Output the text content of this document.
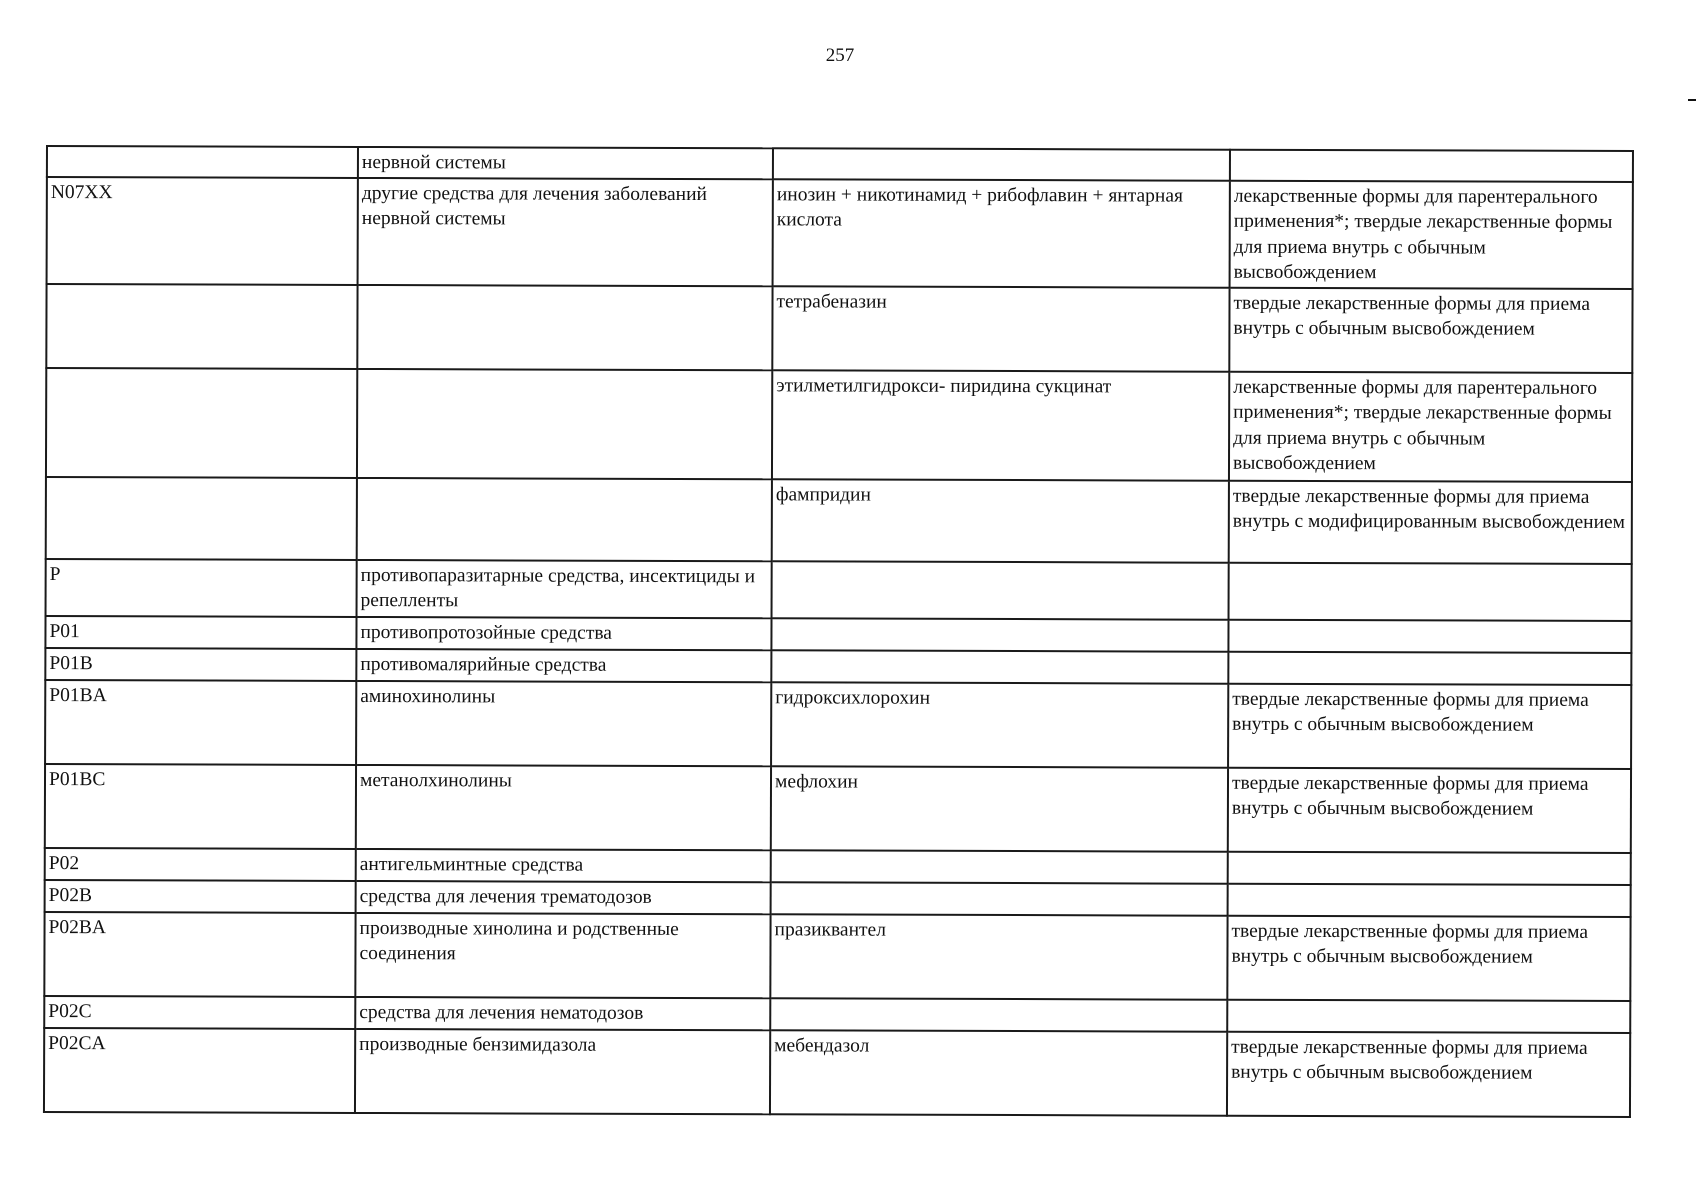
257
	нервной системы		
N07XX	другие средства для лечения заболеваний нервной системы	инозин + никотинамид + рибофлавин + янтарная кислота	лекарственные формы для парентерального применения*; твердые лекарственные формы для приема внутрь с обычным высвобождением
		тетрабеназин	твердые лекарственные формы для приема внутрь с обычным высвобождением
		этилметилгидрокси- пиридина сукцинат	лекарственные формы для парентерального применения*; твердые лекарственные формы для приема внутрь с обычным высвобождением
		фампридин	твердые лекарственные формы для приема внутрь с модифицированным высвобождением
P	противопаразитарные средства, инсектициды и репелленты		
P01	противопротозойные средства		
P01B	противомалярийные средства		
P01BA	аминохинолины	гидроксихлорохин	твердые лекарственные формы для приема внутрь с обычным высвобождением
P01BC	метанолхинолины	мефлохин	твердые лекарственные формы для приема внутрь с обычным высвобождением
P02	антигельминтные средства		
P02B	средства для лечения трематодозов		
P02BA	производные хинолина и родственные соединения	празиквантел	твердые лекарственные формы для приема внутрь с обычным высвобождением
P02C	средства для лечения нематодозов		
P02CA	производные бензимидазола	мебендазол	твердые лекарственные формы для приема внутрь с обычным высвобождением
